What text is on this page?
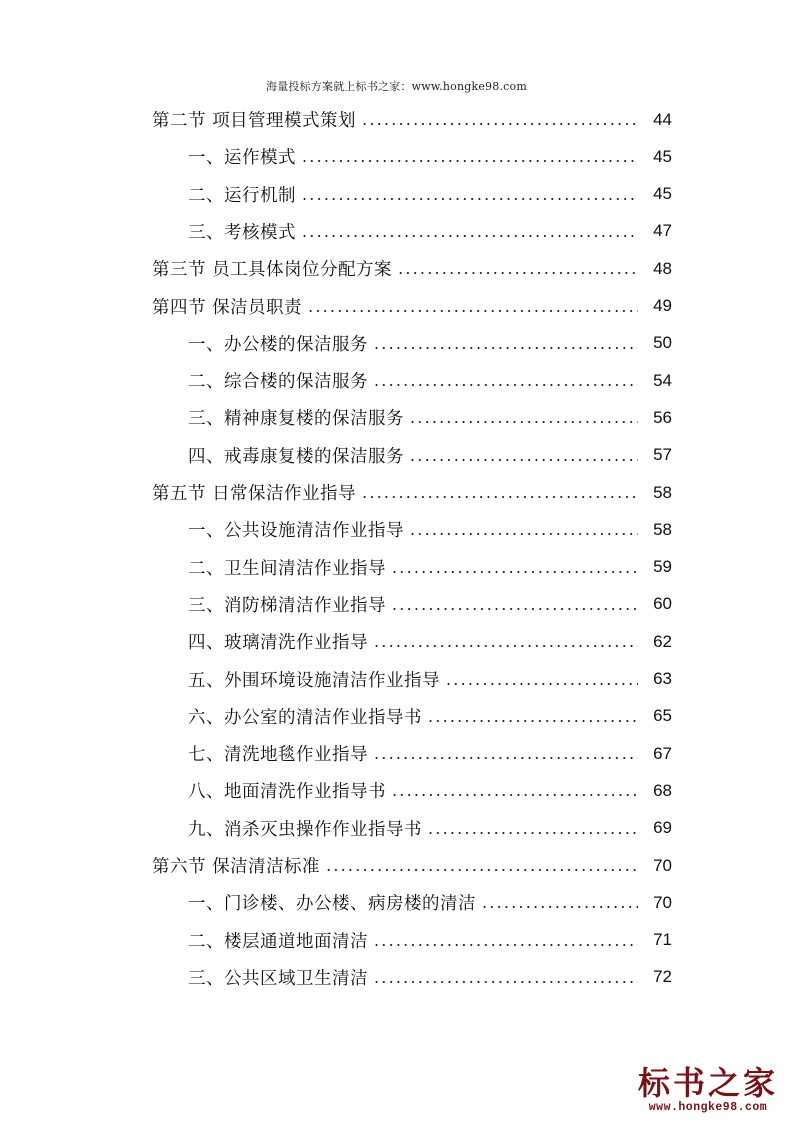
海量投标方案就上标书之家：www.hongke98.com
第二节 项目管理模式策划 .....	44
一、运作模式 .....	45
二、运行机制 .....	45
三、考核模式 .....	47
第三节 员工具体岗位分配方案 .....	48
第四节 保洁员职责 .....	49
一、办公楼的保洁服务 .....	50
二、综合楼的保洁服务 .....	54
三、精神康复楼的保洁服务 .....	56
四、戒毒康复楼的保洁服务 .....	57
第五节 日常保洁作业指导 .....	58
一、公共设施清洁作业指导 .....	58
二、卫生间清洁作业指导 .....	59
三、消防梯清洁作业指导 .....	60
四、玻璃清洗作业指导 .....	62
五、外围环境设施清洁作业指导 .....	63
六、办公室的清洁作业指导书 .....	65
七、清洗地毯作业指导 .....	67
八、地面清洗作业指导书 .....	68
九、消杀灭虫操作作业指导书 .....	69
第六节 保洁清洁标准 .....	70
一、门诊楼、办公楼、病房楼的清洁 .....	70
二、楼层通道地面清洁 .....	71
三、公共区域卫生清洁 .....	72
标书之家
www.hongke98.com
